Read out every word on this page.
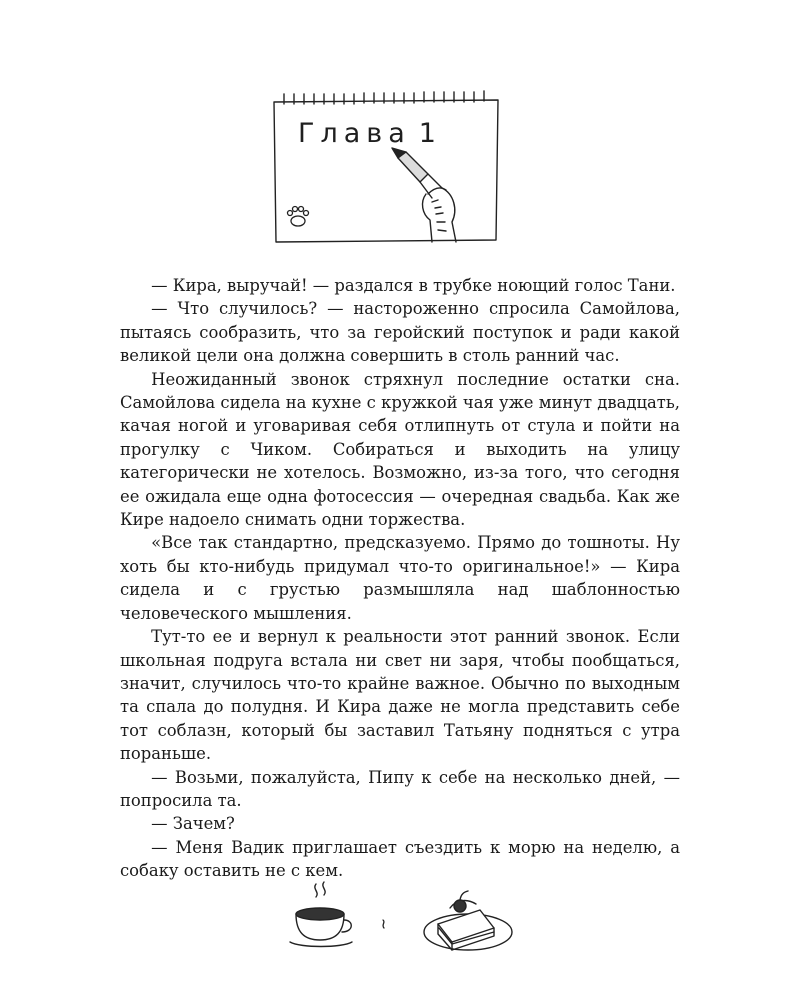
Глава 1

— Кира, выручай! — раздался в трубке ноющий голос Тани.

— Что случилось? — настороженно спросила Самойлова, пытаясь сообразить, что за геройский поступок и ради какой великой цели она должна совершить в столь ранний час.

Неожиданный звонок стряхнул последние остатки сна. Самойлова сидела на кухне с кружкой чая уже минут двадцать, качая ногой и уговаривая себя отлипнуть от стула и пойти на прогулку с Чиком. Собираться и выходить на улицу категорически не хотелось. Возможно, из-за того, что сегодня ее ожидала еще одна фотосессия — очередная свадьба. Как же Кире надоело снимать одни торжества.

«Все так стандартно, предсказуемо. Прямо до тошноты. Ну хоть бы кто-нибудь придумал что-то оригинальное!» — Кира сидела и с грустью размышляла над шаблонностью человеческого мышления.

Тут-то ее и вернул к реальности этот ранний звонок. Если школьная подруга встала ни свет ни заря, чтобы пообщаться, значит, случилось что-то крайне важное. Обычно по выходным та спала до полудня. И Кира даже не могла представить себе тот соблазн, который бы заставил Татьяну подняться с утра пораньше.

— Возьми, пожалуйста, Пипу к себе на несколько дней, — попросила та.

— Зачем?

— Меня Вадик приглашает съездить к морю на неделю, а собаку оставить не с кем.
